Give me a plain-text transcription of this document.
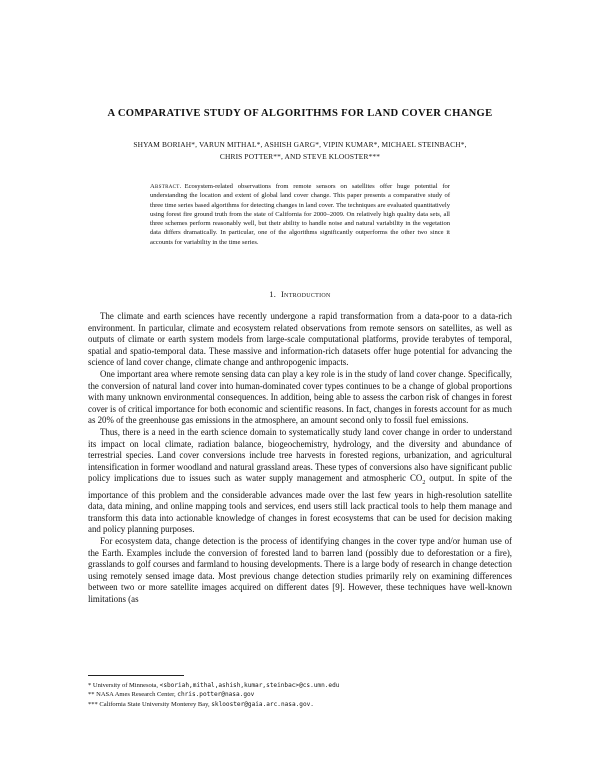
A COMPARATIVE STUDY OF ALGORITHMS FOR LAND COVER CHANGE
SHYAM BORIAH*, VARUN MITHAL*, ASHISH GARG*, VIPIN KUMAR*, MICHAEL STEINBACH*,
CHRIS POTTER**, AND STEVE KLOOSTER***
Abstract. Ecosystem-related observations from remote sensors on satellites offer huge potential for understanding the location and extent of global land cover change. This paper presents a comparative study of three time series based algorithms for detecting changes in land cover. The techniques are evaluated quantitatively using forest fire ground truth from the state of California for 2000–2009. On relatively high quality data sets, all three schemes perform reasonably well, but their ability to handle noise and natural variability in the vegetation data differs dramatically. In particular, one of the algorithms significantly outperforms the other two since it accounts for variability in the time series.
1. Introduction

The climate and earth sciences have recently undergone a rapid transformation from a data-poor to a data-rich environment. In particular, climate and ecosystem related observations from remote sensors on satellites, as well as outputs of climate or earth system models from large-scale computational platforms, provide terabytes of temporal, spatial and spatio-temporal data. These massive and information-rich datasets offer huge potential for advancing the science of land cover change, climate change and anthropogenic impacts.

One important area where remote sensing data can play a key role is in the study of land cover change. Specifically, the conversion of natural land cover into human-dominated cover types continues to be a change of global proportions with many unknown environmental consequences. In addition, being able to assess the carbon risk of changes in forest cover is of critical importance for both economic and scientific reasons. In fact, changes in forests account for as much as 20% of the greenhouse gas emissions in the atmosphere, an amount second only to fossil fuel emissions.

Thus, there is a need in the earth science domain to systematically study land cover change in order to understand its impact on local climate, radiation balance, biogeochemistry, hydrology, and the diversity and abundance of terrestrial species. Land cover conversions include tree harvests in forested regions, urbanization, and agricultural intensification in former woodland and natural grassland areas. These types of conversions also have significant public policy implications due to issues such as water supply management and atmospheric $CO_2$ output. In spite of the importance of this problem and the considerable advances made over the last few years in high-resolution satellite data, data mining, and online mapping tools and services, end users still lack practical tools to help them manage and transform this data into actionable knowledge of changes in forest ecosystems that can be used for decision making and policy planning purposes.

For ecosystem data, change detection is the process of identifying changes in the cover type and/or human use of the Earth. Examples include the conversion of forested land to barren land (possibly due to deforestation or a fire), grasslands to golf courses and farmland to housing developments. There is a large body of research in change detection using remotely sensed image data. Most previous change detection studies primarily rely on examining differences between two or more satellite images acquired on different dates [9]. However, these techniques have well-known limitations (as

* University of Minnesota, <sboriah,mithal,ashish,kumar,steinbac>@cs.umn.edu
** NASA Ames Research Center, chris.potter@nasa.gov
*** California State University Monterey Bay, sklooster@gaia.arc.nasa.gov.
